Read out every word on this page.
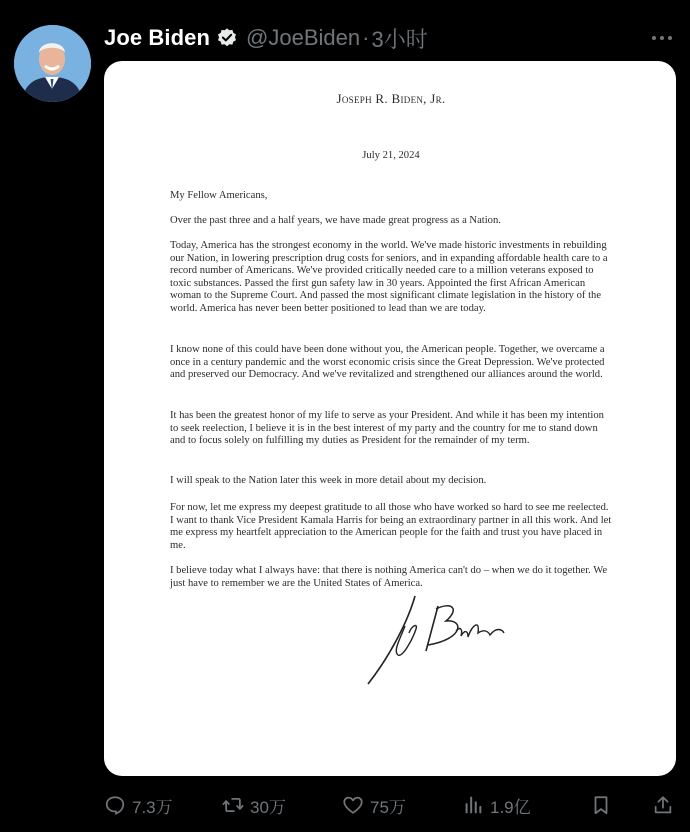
Joe Biden @JoeBiden · 3小时
Joseph R. Biden, Jr.
July 21, 2024

My Fellow Americans,

Over the past three and a half years, we have made great progress as a Nation.

Today, America has the strongest economy in the world. We've made historic investments in rebuilding our Nation, in lowering prescription drug costs for seniors, and in expanding affordable health care to a record number of Americans. We've provided critically needed care to a million veterans exposed to toxic substances. Passed the first gun safety law in 30 years. Appointed the first African American woman to the Supreme Court. And passed the most significant climate legislation in the history of the world. America has never been better positioned to lead than we are today.

I know none of this could have been done without you, the American people. Together, we overcame a once in a century pandemic and the worst economic crisis since the Great Depression. We've protected and preserved our Democracy. And we've revitalized and strengthened our alliances around the world.

It has been the greatest honor of my life to serve as your President. And while it has been my intention to seek reelection, I believe it is in the best interest of my party and the country for me to stand down and to focus solely on fulfilling my duties as President for the remainder of my term.

I will speak to the Nation later this week in more detail about my decision.

For now, let me express my deepest gratitude to all those who have worked so hard to see me reelected. I want to thank Vice President Kamala Harris for being an extraordinary partner in all this work. And let me express my heartfelt appreciation to the American people for the faith and trust you have placed in me.

I believe today what I always have: that there is nothing America can't do – when we do it together. We just have to remember we are the United States of America.

7.3万	30万	75万	1.9亿
